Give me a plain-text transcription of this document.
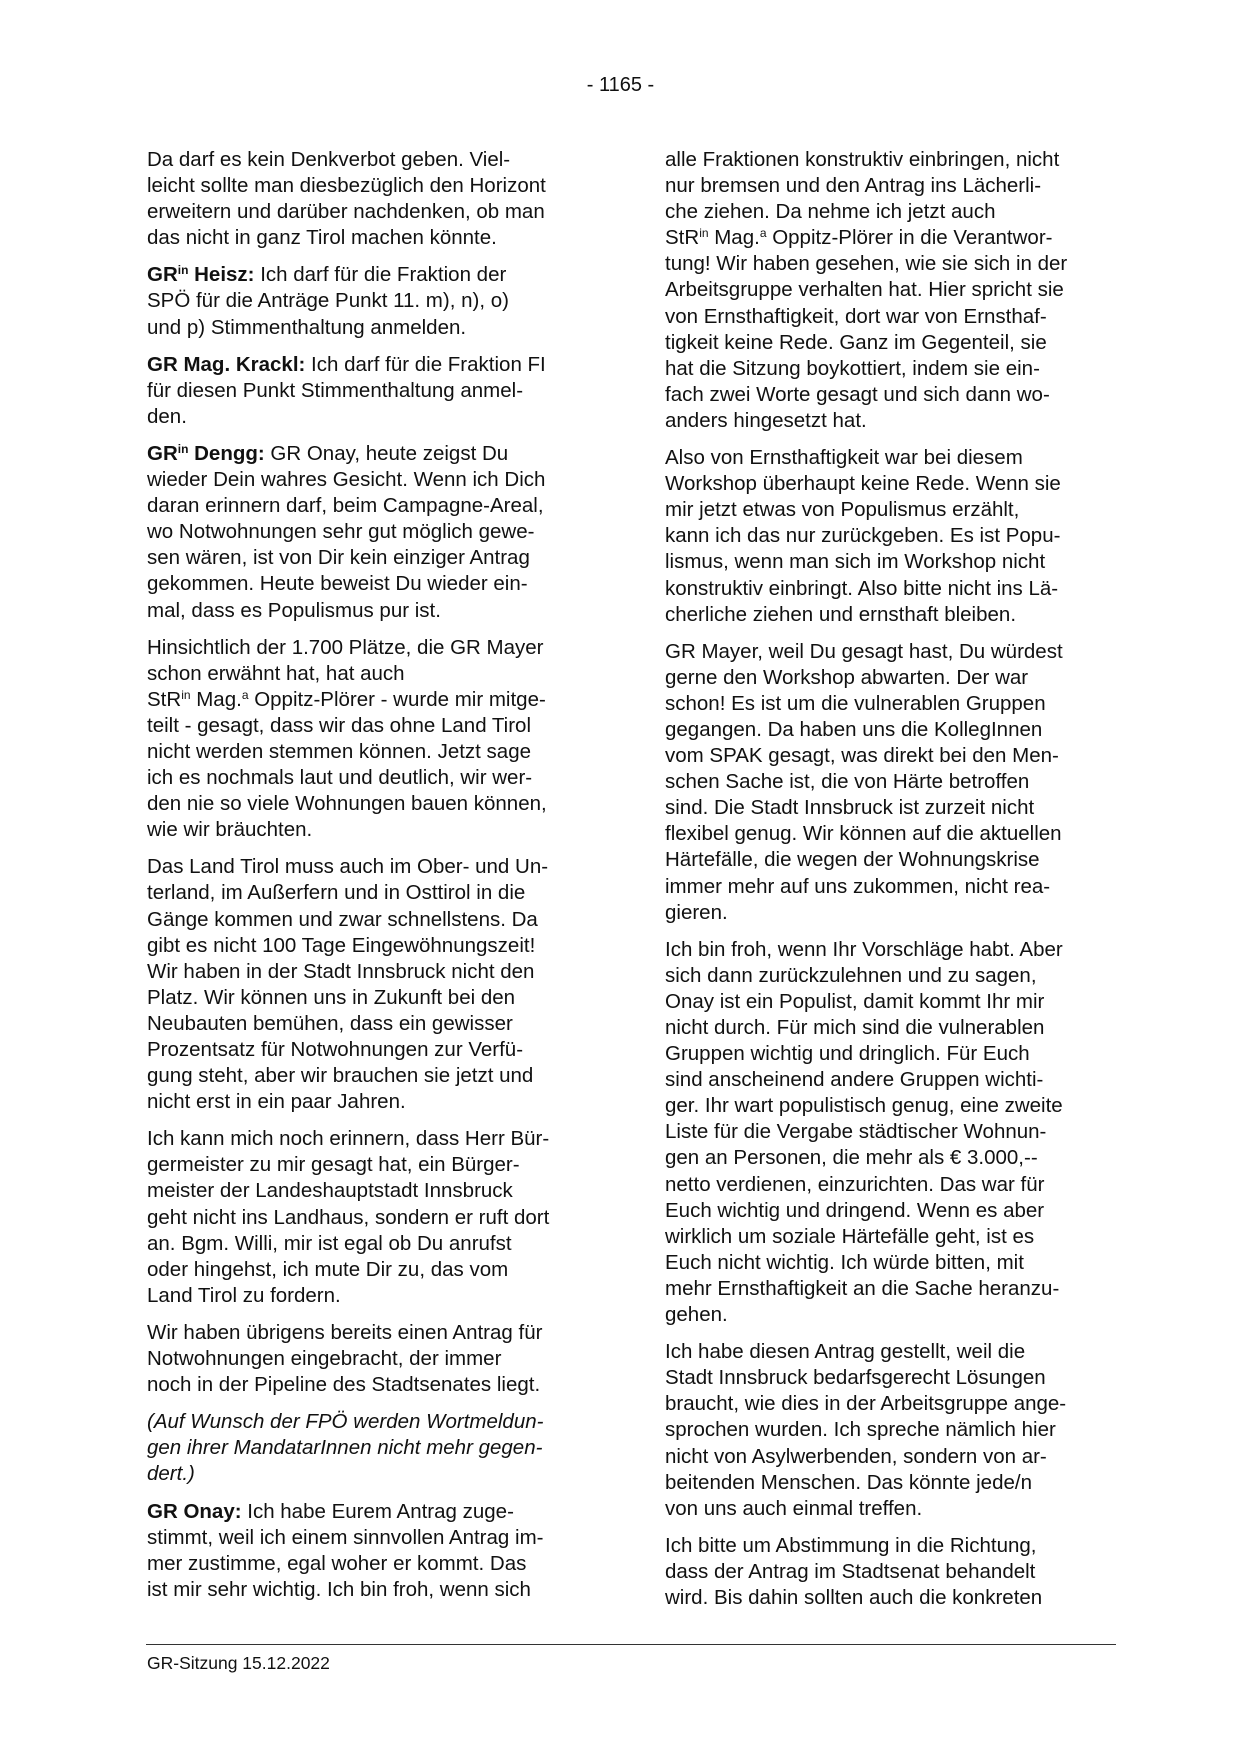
- 1165 -

Da darf es kein Denkverbot geben. Viel-
leicht sollte man diesbezüglich den Horizont
erweitern und darüber nachdenken, ob man
das nicht in ganz Tirol machen könnte.

$GR^{in}$ Heisz: Ich darf für die Fraktion der
SPÖ für die Anträge Punkt 11. m), n), o)
und p) Stimmenthaltung anmelden.

GR Mag. Krackl: Ich darf für die Fraktion FI
für diesen Punkt Stimmenthaltung anmel-
den.

$GR^{in}$ Dengg: GR Onay, heute zeigst Du
wieder Dein wahres Gesicht. Wenn ich Dich
daran erinnern darf, beim Campagne-Areal,
wo Notwohnungen sehr gut möglich gewe-
sen wären, ist von Dir kein einziger Antrag
gekommen. Heute beweist Du wieder ein-
mal, dass es Populismus pur ist.

Hinsichtlich der 1.700 Plätze, die GR Mayer
schon erwähnt hat, hat auch
StR$^{in}$ Mag.$^a$ Oppitz-Plörer - wurde mir mitge-
teilt - gesagt, dass wir das ohne Land Tirol
nicht werden stemmen können. Jetzt sage
ich es nochmals laut und deutlich, wir wer-
den nie so viele Wohnungen bauen können,
wie wir bräuchten.

Das Land Tirol muss auch im Ober- und Un-
terland, im Außerfern und in Osttirol in die
Gänge kommen und zwar schnellstens. Da
gibt es nicht 100 Tage Eingewöhnungszeit!
Wir haben in der Stadt Innsbruck nicht den
Platz. Wir können uns in Zukunft bei den
Neubauten bemühen, dass ein gewisser
Prozentsatz für Notwohnungen zur Verfü-
gung steht, aber wir brauchen sie jetzt und
nicht erst in ein paar Jahren.

Ich kann mich noch erinnern, dass Herr Bür-
germeister zu mir gesagt hat, ein Bürger-
meister der Landeshauptstadt Innsbruck
geht nicht ins Landhaus, sondern er ruft dort
an. Bgm. Willi, mir ist egal ob Du anrufst
oder hingehst, ich mute Dir zu, das vom
Land Tirol zu fordern.

Wir haben übrigens bereits einen Antrag für
Notwohnungen eingebracht, der immer
noch in der Pipeline des Stadtsenates liegt.

(Auf Wunsch der FPÖ werden Wortmeldun-
gen ihrer MandatarInnen nicht mehr gegen-
dert.)

GR Onay: Ich habe Eurem Antrag zuge-
stimmt, weil ich einem sinnvollen Antrag im-
mer zustimme, egal woher er kommt. Das
ist mir sehr wichtig. Ich bin froh, wenn sich

alle Fraktionen konstruktiv einbringen, nicht
nur bremsen und den Antrag ins Lächerli-
che ziehen. Da nehme ich jetzt auch
StR$^{in}$ Mag.$^a$ Oppitz-Plörer in die Verantwor-
tung! Wir haben gesehen, wie sie sich in der
Arbeitsgruppe verhalten hat. Hier spricht sie
von Ernsthaftigkeit, dort war von Ernsthaf-
tigkeit keine Rede. Ganz im Gegenteil, sie
hat die Sitzung boykottiert, indem sie ein-
fach zwei Worte gesagt und sich dann wo-
anders hingesetzt hat.

Also von Ernsthaftigkeit war bei diesem
Workshop überhaupt keine Rede. Wenn sie
mir jetzt etwas von Populismus erzählt,
kann ich das nur zurückgeben. Es ist Popu-
lismus, wenn man sich im Workshop nicht
konstruktiv einbringt. Also bitte nicht ins Lä-
cherliche ziehen und ernsthaft bleiben.

GR Mayer, weil Du gesagt hast, Du würdest
gerne den Workshop abwarten. Der war
schon! Es ist um die vulnerablen Gruppen
gegangen. Da haben uns die KollegInnen
vom SPAK gesagt, was direkt bei den Men-
schen Sache ist, die von Härte betroffen
sind. Die Stadt Innsbruck ist zurzeit nicht
flexibel genug. Wir können auf die aktuellen
Härtefälle, die wegen der Wohnungskrise
immer mehr auf uns zukommen, nicht rea-
gieren.

Ich bin froh, wenn Ihr Vorschläge habt. Aber
sich dann zurückzulehnen und zu sagen,
Onay ist ein Populist, damit kommt Ihr mir
nicht durch. Für mich sind die vulnerablen
Gruppen wichtig und dringlich. Für Euch
sind anscheinend andere Gruppen wichti-
ger. Ihr wart populistisch genug, eine zweite
Liste für die Vergabe städtischer Wohnun-
gen an Personen, die mehr als € 3.000,--
netto verdienen, einzurichten. Das war für
Euch wichtig und dringend. Wenn es aber
wirklich um soziale Härtefälle geht, ist es
Euch nicht wichtig. Ich würde bitten, mit
mehr Ernsthaftigkeit an die Sache heranzu-
gehen.

Ich habe diesen Antrag gestellt, weil die
Stadt Innsbruck bedarfsgerecht Lösungen
braucht, wie dies in der Arbeitsgruppe ange-
sprochen wurden. Ich spreche nämlich hier
nicht von Asylwerbenden, sondern von ar-
beitenden Menschen. Das könnte jede/n
von uns auch einmal treffen.

Ich bitte um Abstimmung in die Richtung,
dass der Antrag im Stadtsenat behandelt
wird. Bis dahin sollten auch die konkreten

GR-Sitzung 15.12.2022
